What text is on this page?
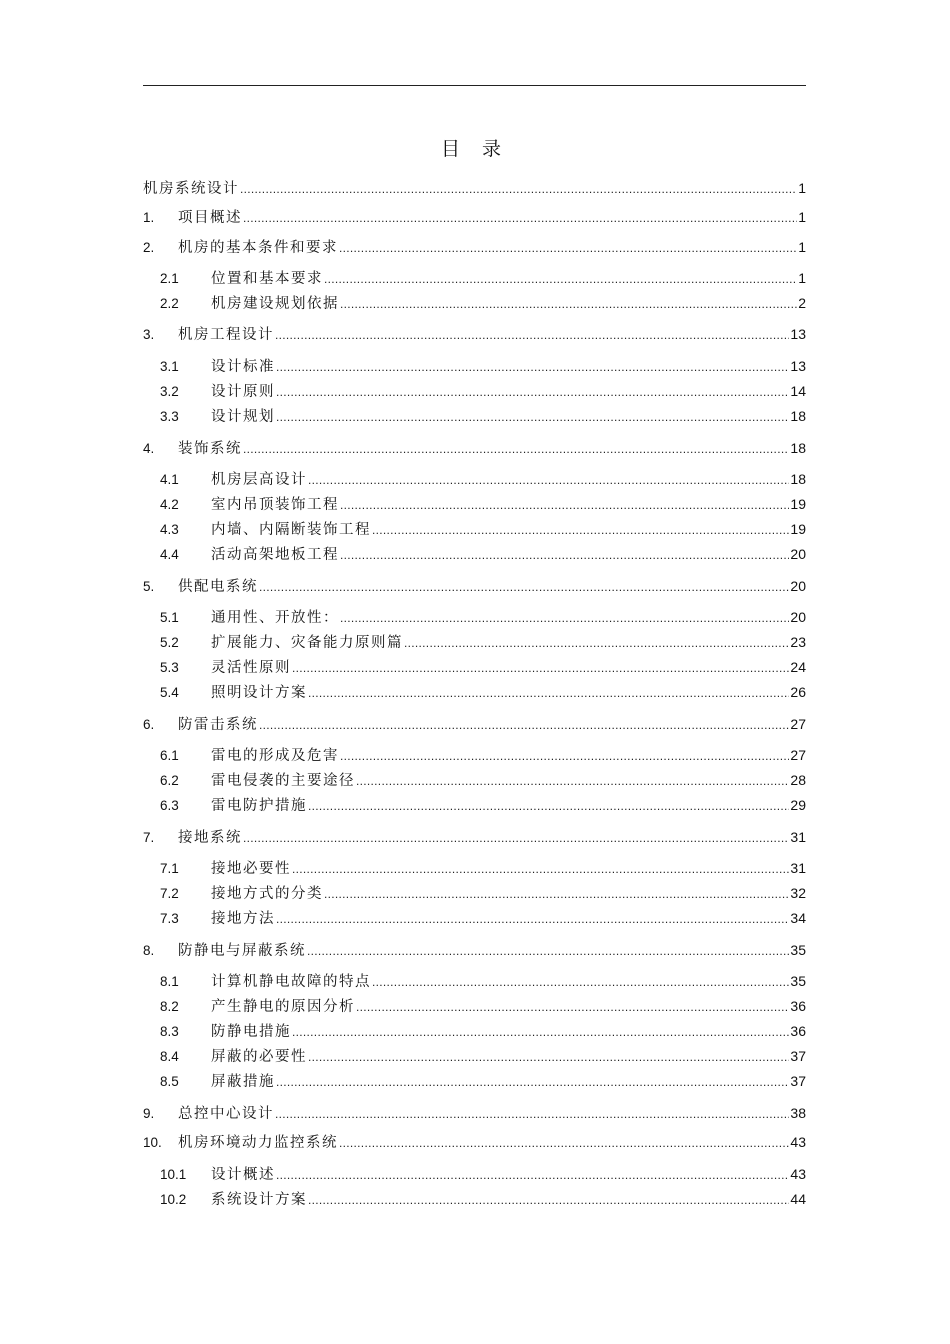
目 录
机房系统设计 .....	1
1.	项目概述 .....	1
2.	机房的基本条件和要求 .....	1
2.1	位置和基本要求 .....	1
2.2	机房建设规划依据 .....	2
3.	机房工程设计 .....	13
3.1	设计标准 .....	13
3.2	设计原则 .....	14
3.3	设计规划 .....	18
4.	装饰系统 .....	18
4.1	机房层高设计 .....	18
4.2	室内吊顶装饰工程 .....	19
4.3	内墙、内隔断装饰工程 .....	19
4.4	活动高架地板工程 .....	20
5.	供配电系统 .....	20
5.1	通用性、开放性： .....	20
5.2	扩展能力、灾备能力原则篇 .....	23
5.3	灵活性原则 .....	24
5.4	照明设计方案 .....	26
6.	防雷击系统 .....	27
6.1	雷电的形成及危害 .....	27
6.2	雷电侵袭的主要途径 .....	28
6.3	雷电防护措施 .....	29
7.	接地系统 .....	31
7.1	接地必要性 .....	31
7.2	接地方式的分类 .....	32
7.3	接地方法 .....	34
8.	防静电与屏蔽系统 .....	35
8.1	计算机静电故障的特点 .....	35
8.2	产生静电的原因分析 .....	36
8.3	防静电措施 .....	36
8.4	屏蔽的必要性 .....	37
8.5	屏蔽措施 .....	37
9.	总控中心设计 .....	38
10.	机房环境动力监控系统 .....	43
10.1	设计概述 .....	43
10.2	系统设计方案 .....	44
